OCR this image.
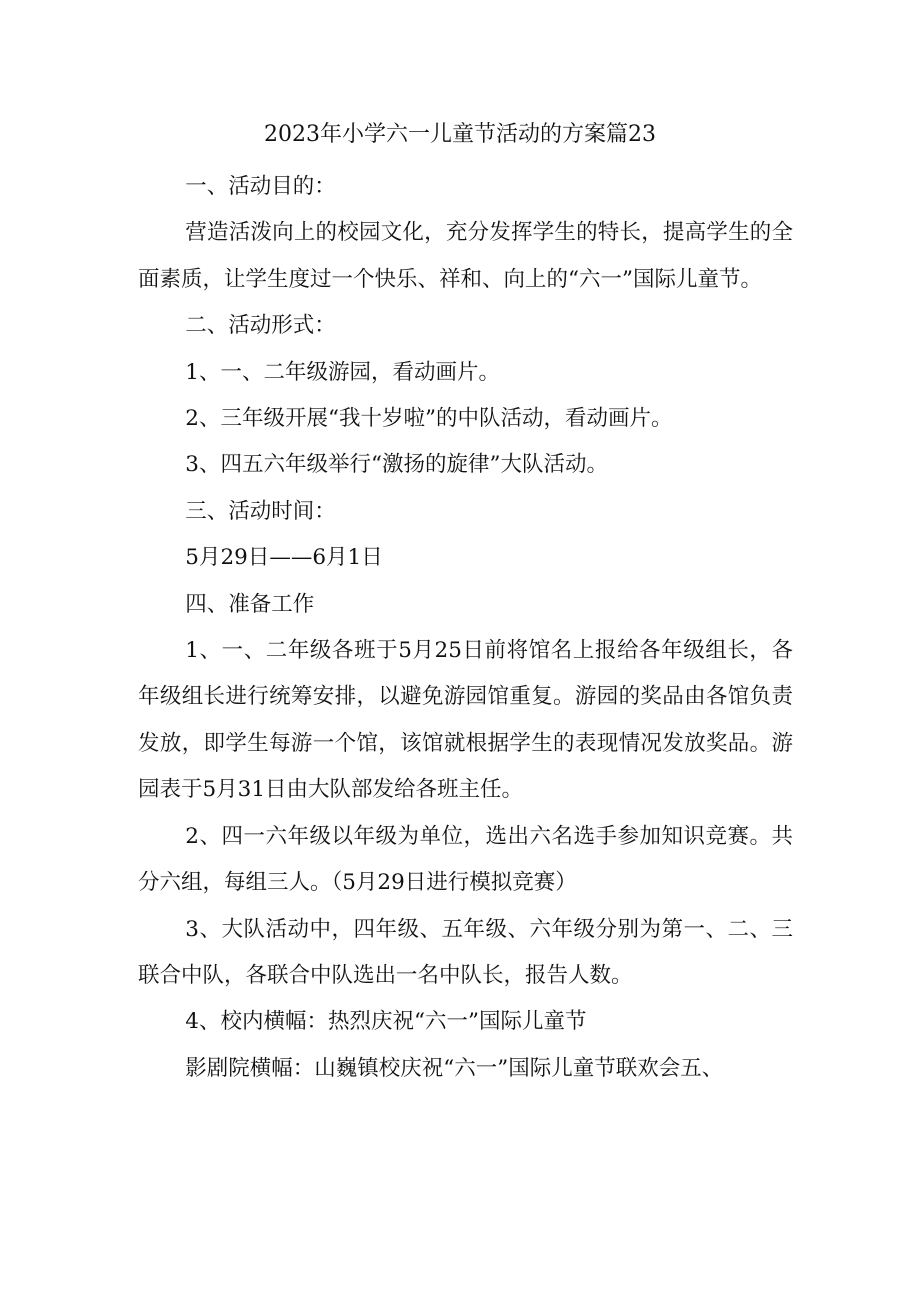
2023年小学六一儿童节活动的方案篇23

一、活动目的：

营造活泼向上的校园文化，充分发挥学生的特长，提高学生的全面素质，让学生度过一个快乐、祥和、向上的“六一”国际儿童节。

二、活动形式：

1、一、二年级游园，看动画片。

2、三年级开展“我十岁啦”的中队活动，看动画片。

3、四五六年级举行“激扬的旋律”大队活动。

三、活动时间：

5月29日——6月1日

四、准备工作

1、一、二年级各班于5月25日前将馆名上报给各年级组长，各年级组长进行统筹安排，以避免游园馆重复。游园的奖品由各馆负责发放，即学生每游一个馆，该馆就根据学生的表现情况发放奖品。游园表于5月31日由大队部发给各班主任。

2、四一六年级以年级为单位，选出六名选手参加知识竞赛。共分六组，每组三人。（5月29日进行模拟竞赛）

3、大队活动中，四年级、五年级、六年级分别为第一、二、三联合中队，各联合中队选出一名中队长，报告人数。

4、校内横幅：热烈庆祝“六一”国际儿童节

影剧院横幅：山巍镇校庆祝“六一”国际儿童节联欢会五、
